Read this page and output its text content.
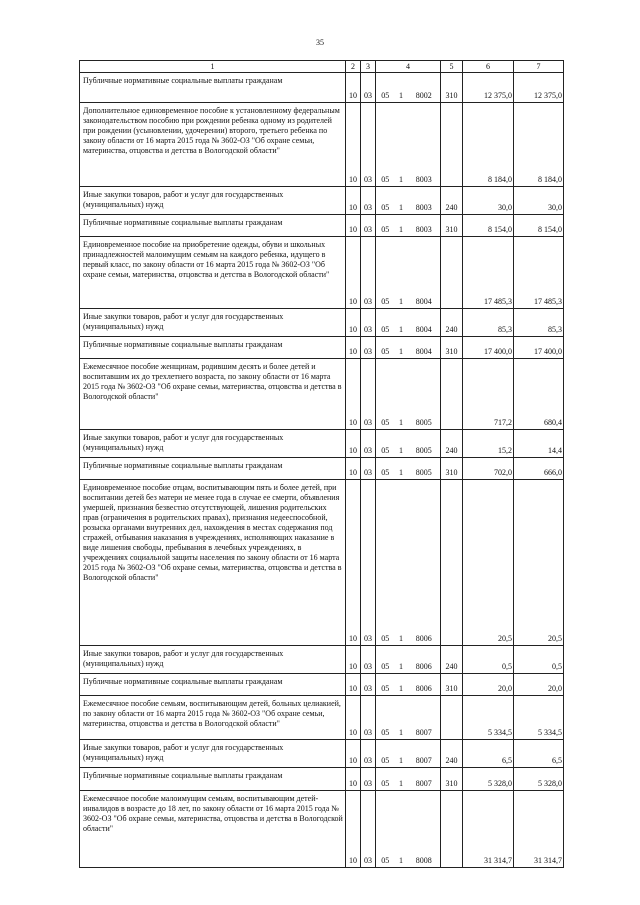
35
1	2	3	4			5	6	7
Публичные нормативные социальные выплаты гражданам	10	03	05	1	8002	310	12 375,0	12 375,0
Дополнительное единовременное пособие к установленному федеральным законодательством пособию при рождении ребенка одному из родителей при рождении (усыновлении, удочерении) второго, третьего ребенка по закону области от 16 марта 2015 года № 3602-ОЗ "Об охране семьи, материнства, отцовства и детства в Вологодской области"	10	03	05	1	8003		8 184,0	8 184,0
Иные закупки товаров, работ и услуг для государственных (муниципальных) нужд	10	03	05	1	8003	240	30,0	30,0
Публичные нормативные социальные выплаты гражданам	10	03	05	1	8003	310	8 154,0	8 154,0
Единовременное пособие на приобретение одежды, обуви и школьных принадлежностей малоимущим семьям на каждого ребенка, идущего в первый класс, по закону области от 16 марта 2015 года № 3602-ОЗ "Об охране семьи, материнства, отцовства и детства в Вологодской области"	10	03	05	1	8004		17 485,3	17 485,3
Иные закупки товаров, работ и услуг для государственных (муниципальных) нужд	10	03	05	1	8004	240	85,3	85,3
Публичные нормативные социальные выплаты гражданам	10	03	05	1	8004	310	17 400,0	17 400,0
Ежемесячное пособие женщинам, родившим десять и более детей и воспитавшим их до трехлетнего возраста, по закону области от 16 марта 2015 года № 3602-ОЗ "Об охране семьи, материнства, отцовства и детства в Вологодской области"	10	03	05	1	8005		717,2	680,4
Иные закупки товаров, работ и услуг для государственных (муниципальных) нужд	10	03	05	1	8005	240	15,2	14,4
Публичные нормативные социальные выплаты гражданам	10	03	05	1	8005	310	702,0	666,0
Единовременное пособие отцам, воспитывающим пять и более детей, при воспитании детей без матери не менее года в случае ее смерти, объявления умершей, признания безвестно отсутствующей, лишения родительских прав (ограничения в родительских правах), признания недееспособной, розыска органами внутренних дел, нахождения в местах содержания под стражей, отбывания наказания в учреждениях, исполняющих наказание в виде лишения свободы, пребывания в лечебных учреждениях, в учреждениях социальной защиты населения по закону области от 16 марта 2015 года № 3602-ОЗ "Об охране семьи, материнства, отцовства и детства в Вологодской области"	10	03	05	1	8006		20,5	20,5
Иные закупки товаров, работ и услуг для государственных (муниципальных) нужд	10	03	05	1	8006	240	0,5	0,5
Публичные нормативные социальные выплаты гражданам	10	03	05	1	8006	310	20,0	20,0
Ежемесячное пособие семьям, воспитывающим детей, больных целиакией, по закону области от 16 марта 2015 года № 3602-ОЗ "Об охране семьи, материнства, отцовства и детства в Вологодской области"	10	03	05	1	8007		5 334,5	5 334,5
Иные закупки товаров, работ и услуг для государственных (муниципальных) нужд	10	03	05	1	8007	240	6,5	6,5
Публичные нормативные социальные выплаты гражданам	10	03	05	1	8007	310	5 328,0	5 328,0
Ежемесячное пособие малоимущим семьям, воспитывающим детей-инвалидов в возрасте до 18 лет, по закону области от 16 марта 2015 года № 3602-ОЗ "Об охране семьи, материнства, отцовства и детства в Вологодской области"	10	03	05	1	8008		31 314,7	31 314,7
